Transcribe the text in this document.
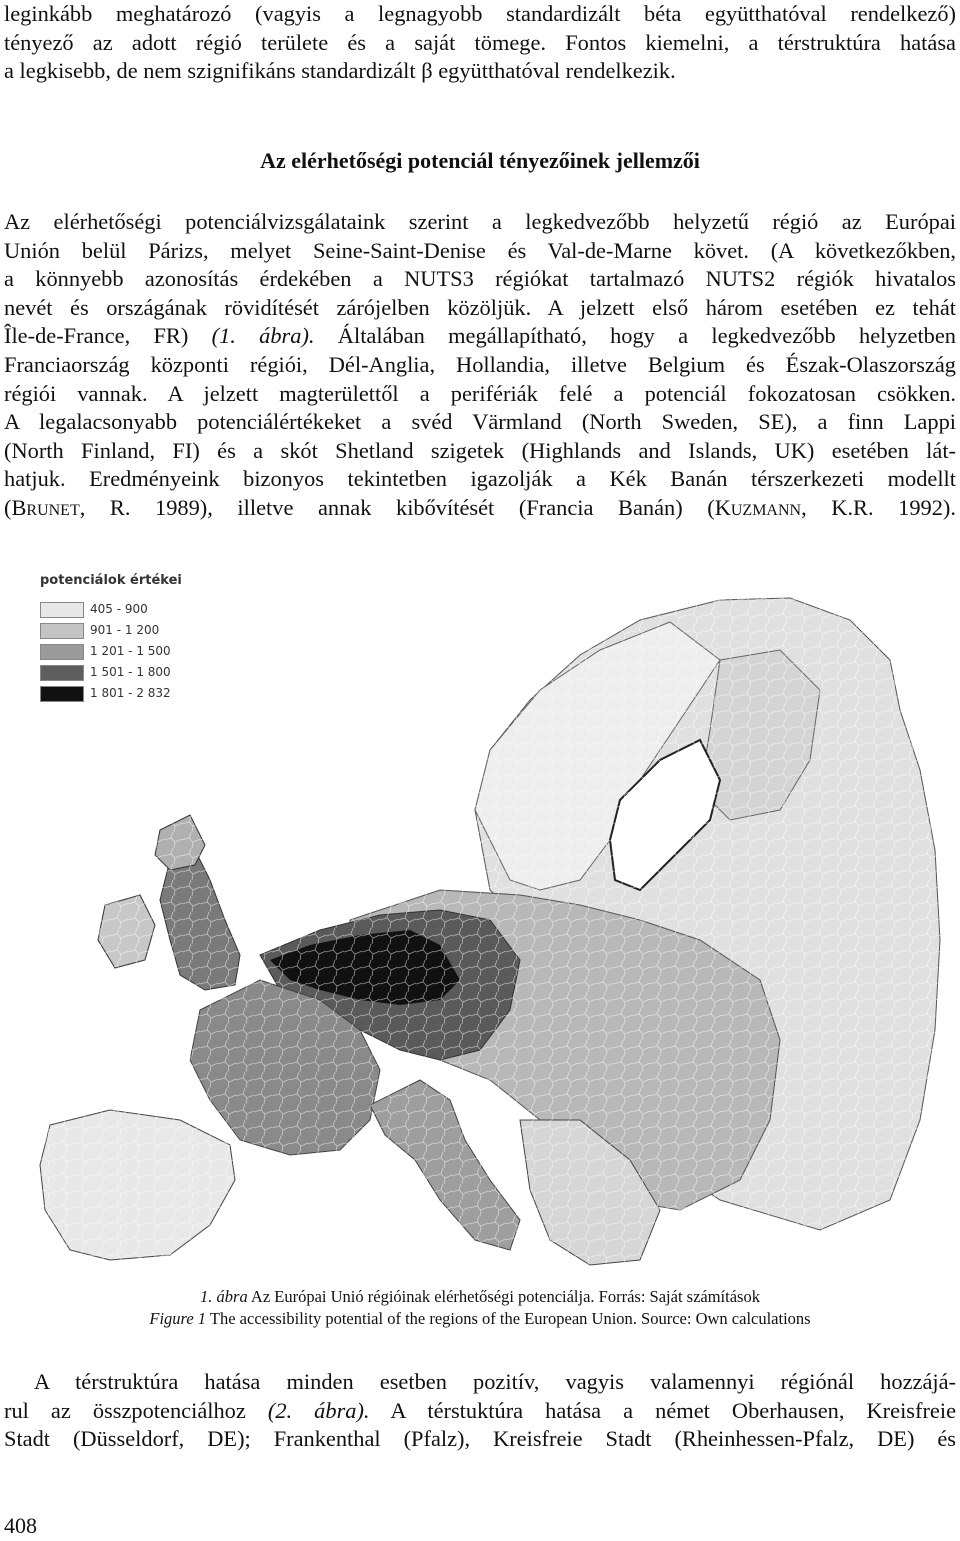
leginkább meghatározó (vagyis a legnagyobb standardizált béta együtthatóval rendelkező)
tényező az adott régió területe és a saját tömege. Fontos kiemelni, a térstruktúra hatása
a legkisebb, de nem szignifikáns standardizált β együtthatóval rendelkezik.
Az elérhetőségi potenciál tényezőinek jellemzői
Az elérhetőségi potenciálvizsgálataink szerint a legkedvezőbb helyzetű régió az Európai
Unión belül Párizs, melyet Seine-Saint-Denise és Val-de-Marne követ. (A következőkben,
a könnyebb azonosítás érdekében a NUTS3 régiókat tartalmazó NUTS2 régiók hivatalos
nevét és országának rövidítését zárójelben közöljük. A jelzett első három esetében ez tehát
Île-de-France, FR) (1. ábra). Általában megállapítható, hogy a legkedvezőbb helyzetben
Franciaország központi régiói, Dél-Anglia, Hollandia, illetve Belgium és Észak-Olaszország
régiói vannak. A jelzett magterülettől a perifériák felé a potenciál fokozatosan csökken.
A legalacsonyabb potenciálértékeket a svéd Värmland (North Sweden, SE), a finn Lappi
(North Finland, FI) és a skót Shetland szigetek (Highlands and Islands, UK) esetében lát-
hatjuk. Eredményeink bizonyos tekintetben igazolják a Kék Banán térszerkezeti modellt
(Brunet, R. 1989), illetve annak kibővítését (Francia Banán) (Kuzmann, K.R. 1992).
potenciálok értékei
405 - 900
901 - 1 200
1 201 - 1 500
1 501 - 1 800
1 801 - 2 832

1. ábra Az Európai Unió régióinak elérhetőségi potenciálja. Forrás: Saját számítások

Figure 1 The accessibility potential of the regions of the European Union. Source: Own calculations

A térstruktúra hatása minden esetben pozitív, vagyis valamennyi régiónál hozzájá-
rul az összpotenciálhoz (2. ábra). A térstuktúra hatása a német Oberhausen, Kreisfreie
Stadt (Düsseldorf, DE); Frankenthal (Pfalz), Kreisfreie Stadt (Rheinhessen-Pfalz, DE) és
408
